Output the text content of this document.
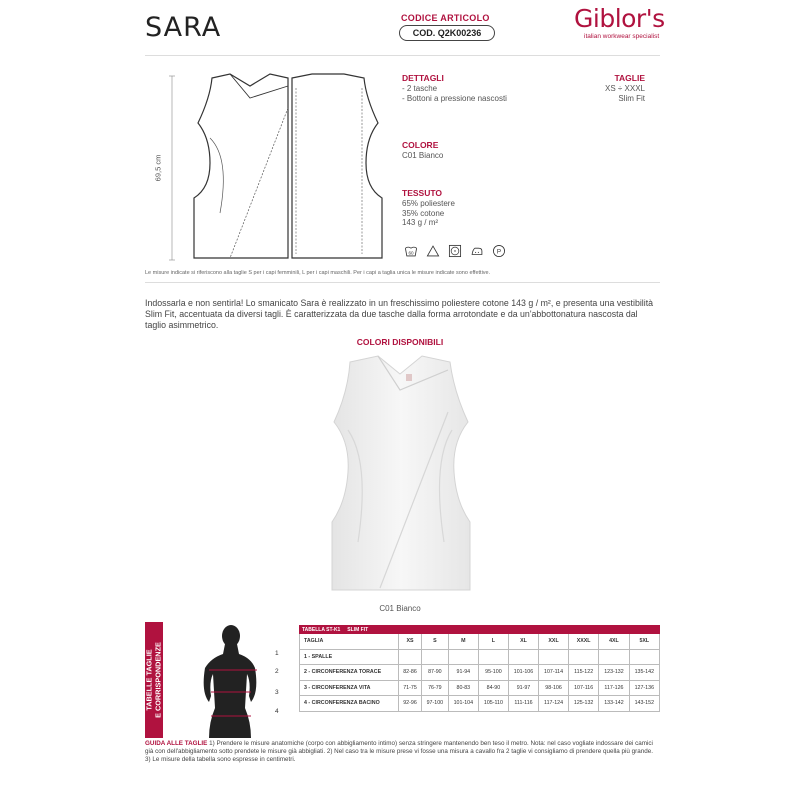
SARA	CODICE ARTICOLO
COD. Q2K00236	Giblor's
italian workwear specialist
69,5 cm
DETTAGLI
- 2 tasche
- Bottoni a pressione nascosti
TAGLIE
XS ÷ XXXL
Slim Fit
COLORE
C01 Bianco
TESSUTO
65% poliestere
35% cotone
143 g / m²
60	P
Le misure indicate si riferiscono alla taglie S per i capi femminili, L per i capi maschili. Per i capi a taglia unica le misure indicate sono effettive.
Indossarla e non sentirla! Lo smanicato Sara è realizzato in un freschissimo poliestere cotone 143 g / m², e presenta una vestibilità Slim Fit, accentuata da diversi tagli. È caratterizzata da due tasche dalla forma arrotondate e da un'abbottonatura nascosta dal taglio asimmetrico.
COLORI DISPONIBILI
C01 Bianco
TABELLE TAGLIE E CORRISPONDENZE	1
2
3
4
TABELLA ST-K1 SLIM FIT									
TAGLIA	XS	S	M	L	XL	XXL	XXXL	4XL	5XL
1 - SPALLE									
2 - CIRCONFERENZA TORACE	82-86	87-90	91-94	95-100	101-106	107-114	115-122	123-132	135-142
3 - CIRCONFERENZA VITA	71-75	76-79	80-83	84-90	91-97	98-106	107-116	117-126	127-136
4 - CIRCONFERENZA BACINO	92-96	97-100	101-104	105-110	111-116	117-124	125-132	133-142	143-152
GUIDA ALLE TAGLIE 1) Prendere le misure anatomiche (corpo con abbigliamento intimo) senza stringere mantenendo ben teso il metro. Nota: nel caso vogliate indossare dei camici già con dell'abbigliamento sotto prendete le misure già abbigliati. 2) Nel caso tra le misure prese vi fosse una misura a cavallo fra 2 taglie vi consigliamo di prendere quella più grande. 3) Le misure della tabella sono espresse in centimetri.
